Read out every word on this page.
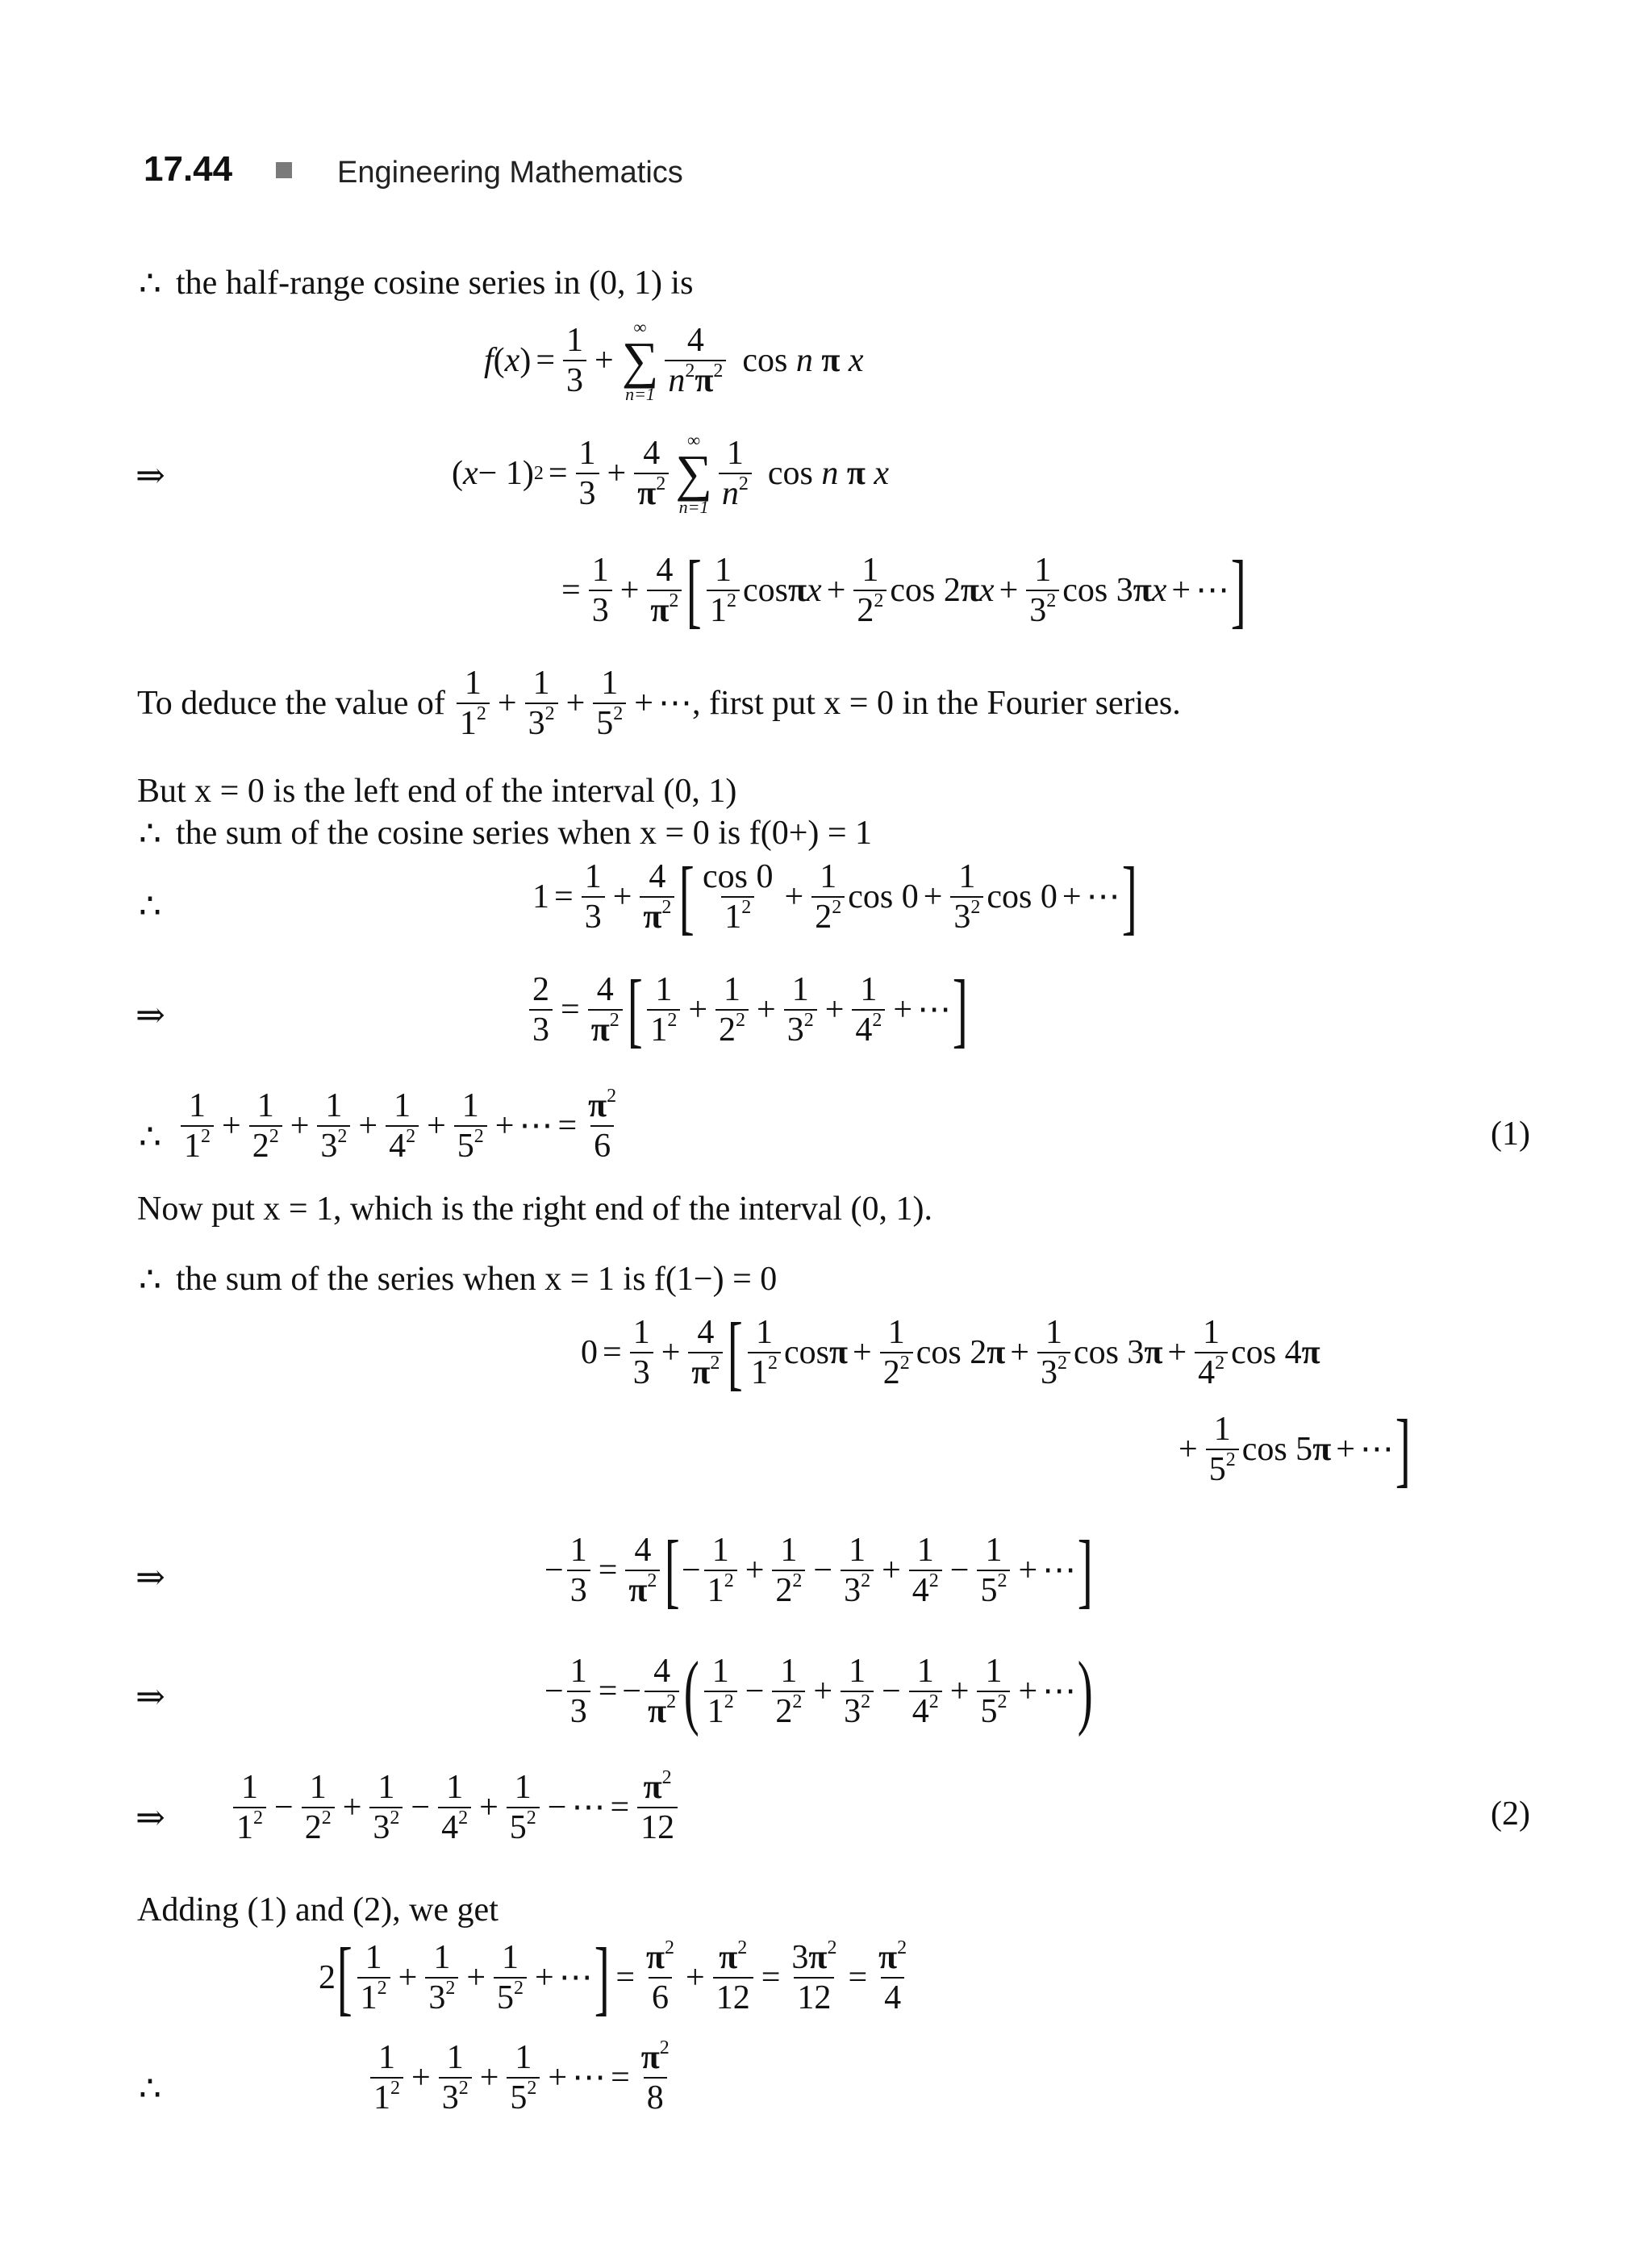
17.44	Engineering Mathematics
∴ the half-range cosine series in (0, 1) is
f ( x ) = $\frac{1}{3}$ +
∞
∑
n=1
4
$n^2\pi^2$ cos n π x
⇒	( x − 1) $2 = \frac{1}{3} + \frac{4}{\pi^2}$ ∞
∑
n=1
1
$n^2$ cos n π x
= $\frac{1}{3} + \frac{4}{\pi^2}$ [ 1
$1^2$ cos π $x + \frac{1}{2^2}$ cos 2 π $x + \frac{1}{3^2}$ cos 3 π x + ⋯ ]
To deduce the value of
1
$1^2 + \frac{1}{3^2} + \frac{1}{5^2}$ + ⋯ , first put x = 0 in the Fourier series.
But x = 0 is the left end of the interval (0, 1)
∴ the sum of the cosine series when x = 0 is f(0+) = 1
∴	$1 = \frac{1}{3} + \frac{4}{\pi^2}$ [ cos 0
$1^2 + \frac{1}{2^2}$ $\cos 0 + \frac{1}{3^2}$ cos 0 + ⋯ ]
⇒	$\frac{2}{3} = \frac{4}{\pi^2}$ [ 1
$1^2 + \frac{1}{2^2} + \frac{1}{3^2} + \frac{1}{4^2}$ + ⋯ ]
∴
1
$1^2 + \frac{1}{2^2} + \frac{1}{3^2} + \frac{1}{4^2} + \frac{1}{5^2}$ + ⋯ = $\frac{\pi^2}{6}$	(1)
Now put x = 1, which is the right end of the interval (0, 1).
∴ the sum of the series when x = 1 is f(1−) = 0
$0 = \frac{1}{3} + \frac{4}{\pi^2}$ [ 1
$1^2$ $\cos \pi + \frac{1}{2^2}$ cos 2 $\pi + \frac{1}{3^2}$ cos 3 $\pi + \frac{1}{4^2}$ cos 4 π
+ $\frac{1}{5^2}$ cos 5 π + ⋯ ]
⇒	− $\frac{1}{3} = \frac{4}{\pi^2}$ [ −
1
$1^2 + \frac{1}{2^2} - \frac{1}{3^2} + \frac{1}{4^2} - \frac{1}{5^2}$ + ⋯ ]
⇒	− $\frac{1}{3}$ = − $\frac{4}{\pi^2}$ ( 1
$1^2 - \frac{1}{2^2} + \frac{1}{3^2} - \frac{1}{4^2} + \frac{1}{5^2}$ + ⋯ )
⇒
1
$1^2 - \frac{1}{2^2} + \frac{1}{3^2} - \frac{1}{4^2} + \frac{1}{5^2}$ − ⋯ = $\frac{\pi^2}{12}$	(2)
Adding (1) and (2), we get
2 [ 1
$1^2 + \frac{1}{3^2} + \frac{1}{5^2}$ + ⋯ ] = $\frac{\pi^2}{6} + \frac{\pi^2}{12} = \frac{3\pi^2}{12} = \frac{\pi^2}{4}$
∴
1
$1^2 + \frac{1}{3^2} + \frac{1}{5^2}$ + ⋯ = $\frac{\pi^2}{8}$
